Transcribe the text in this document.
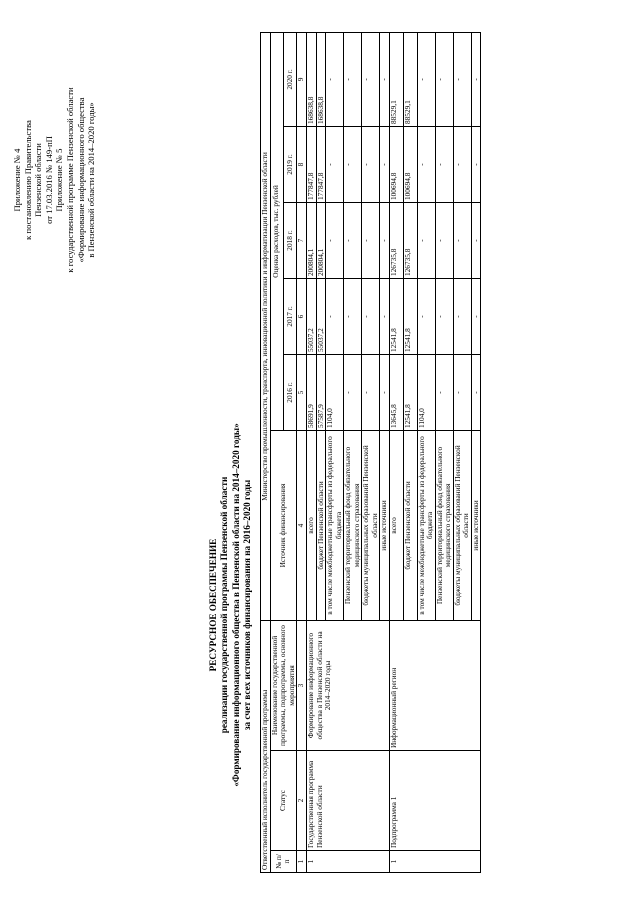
Приложение № 4 к постановлению Правительства Пензенской области от 17.03.2016 № 149-пП Приложение № 5 к государственной программе Пензенской области «Формирование информационного общества в Пензенской области на 2014–2020 годы»
РЕСУРСНОЕ ОБЕСПЕЧЕНИЕ реализации государственной программы Пензенской области «Формирование информационного общества в Пензенской области на 2014–2020 годы» за счет всех источников финансирования на 2016–2020 годы
Ответственный исполнитель государственной программы			Министерство промышленности, транспорта, инновационной политики и информатизации Пензенской области					
№ п/п	Статус	Наименование государственной программы, подпрограммы, основного мероприятия	Источник финансирования	Оценка расходов, тыс. рублей				
				2016 г.	2017 г.	2018 г.	2019 г.	2020 г.
1	2	3	4	5	6	7	8	9
1	Государственная программа Пензенской области	Формирование информационного общества в Пензенской области на 2014–2020 годы	всего	58691,9	55037,2	200804,1	177847,8	168638,8
			бюджет Пензенской области	57587,9	55037,2	200804,1	177847,8	168638,8
			в том числе межбюджетные трансферты из федерального бюджета	1104,0	-	-	-	-
			Пензенский территориальный фонд обязательного медицинского страхования	-	-	-	-	-
			бюджеты муниципальных образований Пензенской области	-	-	-	-	-
			иные источники	-	-	-	-	-
1	Подпрограмма 1	Информационный регион	всего	13645,8	12541,8	126735,8	100694,8	88529,1
			бюджет Пензенской области	12541,8	12541,8	126735,8	100694,8	88529,1
			в том числе межбюджетные трансферты из федерального бюджета	1104,0	-	-	-	-
			Пензенский территориальный фонд обязательного медицинского страхования	-	-	-	-	-
			бюджеты муниципальных образований Пензенской области	-	-	-	-	-
			иные источники	-	-	-	-	-
